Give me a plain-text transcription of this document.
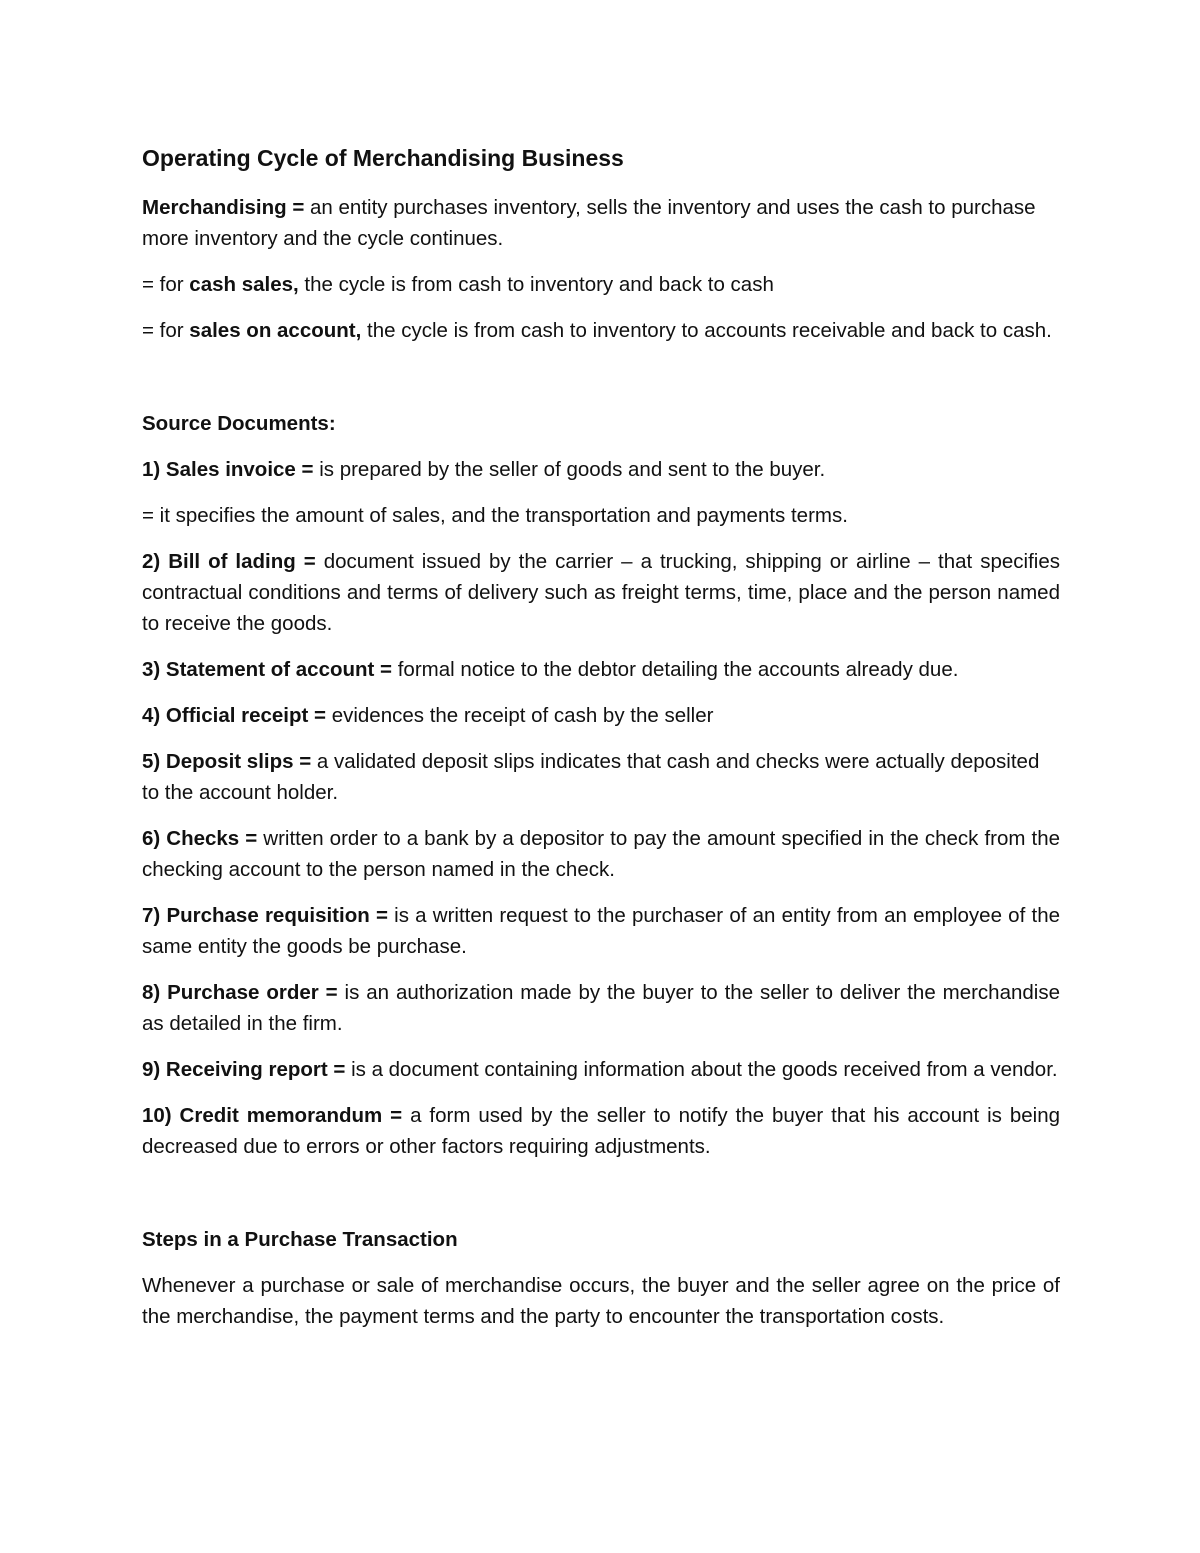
Operating Cycle of Merchandising Business

Merchandising = an entity purchases inventory, sells the inventory and uses the cash to purchase more inventory and the cycle continues.

= for cash sales, the cycle is from cash to inventory and back to cash

= for sales on account, the cycle is from cash to inventory to accounts receivable and back to cash.

Source Documents:

1) Sales invoice = is prepared by the seller of goods and sent to the buyer.

= it specifies the amount of sales, and the transportation and payments terms.

2) Bill of lading = document issued by the carrier – a trucking, shipping or airline – that specifies contractual conditions and terms of delivery such as freight terms, time, place and the person named to receive the goods.

3) Statement of account = formal notice to the debtor detailing the accounts already due.

4) Official receipt = evidences the receipt of cash by the seller

5) Deposit slips = a validated deposit slips indicates that cash and checks were actually deposited to the account holder.

6) Checks = written order to a bank by a depositor to pay the amount specified in the check from the checking account to the person named in the check.

7) Purchase requisition = is a written request to the purchaser of an entity from an employee of the same entity the goods be purchase.

8) Purchase order = is an authorization made by the buyer to the seller to deliver the merchandise as detailed in the firm.

9) Receiving report = is a document containing information about the goods received from a vendor.

10) Credit memorandum = a form used by the seller to notify the buyer that his account is being decreased due to errors or other factors requiring adjustments.

Steps in a Purchase Transaction

Whenever a purchase or sale of merchandise occurs, the buyer and the seller agree on the price of the merchandise, the payment terms and the party to encounter the transportation costs.
